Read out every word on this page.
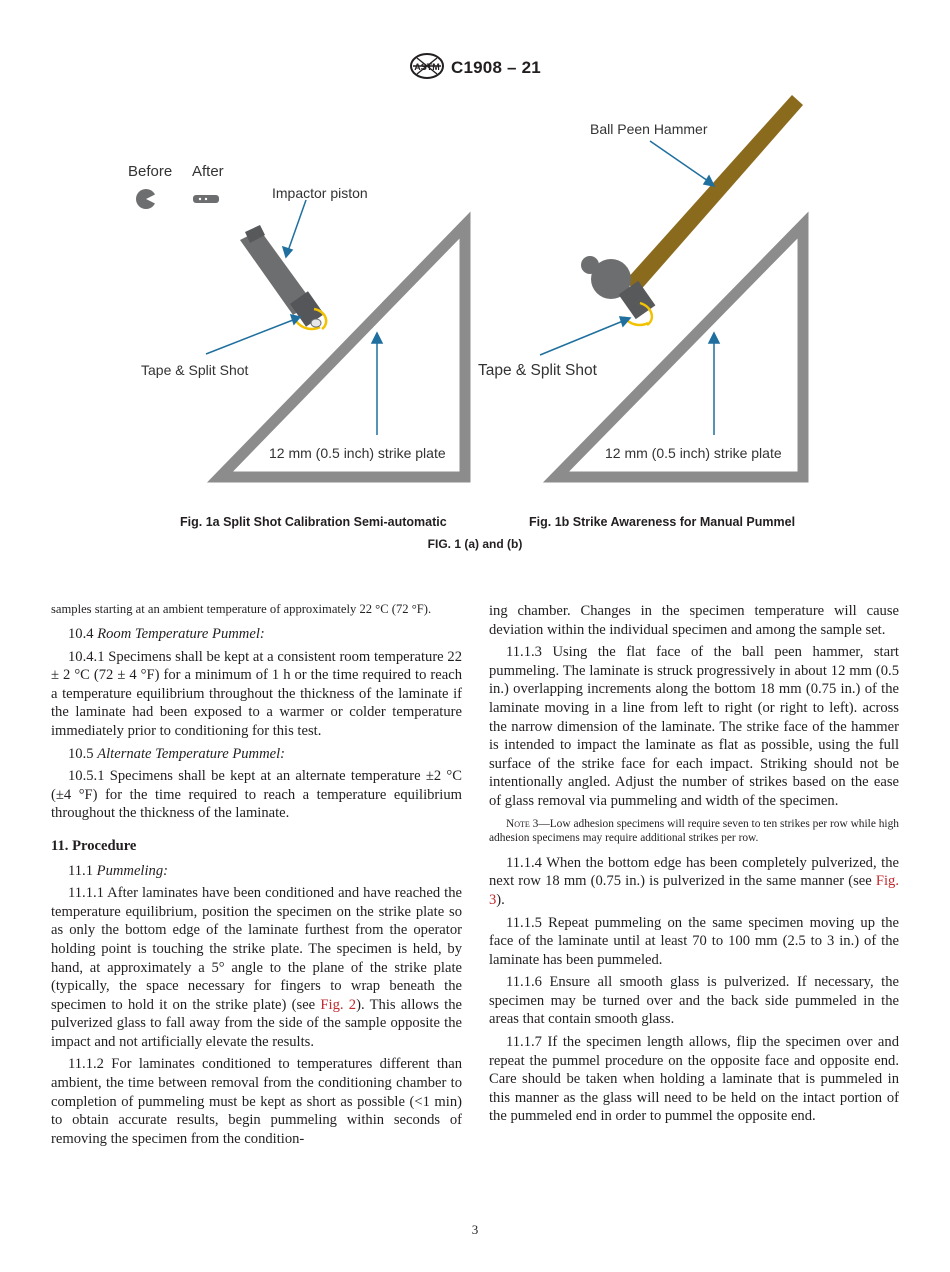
ASTM C1908 – 21
Before After
Impactor piston
Tape & Split Shot
12 mm (0.5 inch) strike plate
Ball Peen Hammer
Tape & Split Shot
12 mm (0.5 inch) strike plate
Fig. 1a Split Shot Calibration Semi-automatic	Fig. 1b Strike Awareness for Manual Pummel
FIG. 1 (a) and (b)

samples starting at an ambient temperature of approximately 22 °C (72 °F).

10.4 Room Temperature Pummel:

10.4.1 Specimens shall be kept at a consistent room temperature 22 ± 2 °C (72 ± 4 °F) for a minimum of 1 h or the time required to reach a temperature equilibrium throughout the thickness of the laminate if the laminate had been exposed to a warmer or colder temperature immediately prior to conditioning for this test.

10.5 Alternate Temperature Pummel:

10.5.1 Specimens shall be kept at an alternate temperature ±2 °C (±4 °F) for the time required to reach a temperature equilibrium throughout the thickness of the laminate.

11. Procedure

11.1 Pummeling:

11.1.1 After laminates have been conditioned and have reached the temperature equilibrium, position the specimen on the strike plate so as only the bottom edge of the laminate furthest from the operator holding point is touching the strike plate. The specimen is held, by hand, at approximately a 5° angle to the plane of the strike plate (typically, the space necessary for fingers to wrap beneath the specimen to hold it on the strike plate) (see Fig. 2). This allows the pulverized glass to fall away from the side of the sample opposite the impact and not artificially elevate the results.

11.1.2 For laminates conditioned to temperatures different than ambient, the time between removal from the conditioning chamber to completion of pummeling must be kept as short as possible (<1 min) to obtain accurate results, begin pummeling within seconds of removing the specimen from the condition-

ing chamber. Changes in the specimen temperature will cause deviation within the individual specimen and among the sample set.

11.1.3 Using the flat face of the ball peen hammer, start pummeling. The laminate is struck progressively in about 12 mm (0.5 in.) overlapping increments along the bottom 18 mm (0.75 in.) of the laminate moving in a line from left to right (or right to left). across the narrow dimension of the laminate. The strike face of the hammer is intended to impact the laminate as flat as possible, using the full surface of the strike face for each impact. Striking should not be intentionally angled. Adjust the number of strikes based on the ease of glass removal via pummeling and width of the specimen.

Note 3—Low adhesion specimens will require seven to ten strikes per row while high adhesion specimens may require additional strikes per row.

11.1.4 When the bottom edge has been completely pulverized, the next row 18 mm (0.75 in.) is pulverized in the same manner (see Fig. 3).

11.1.5 Repeat pummeling on the same specimen moving up the face of the laminate until at least 70 to 100 mm (2.5 to 3 in.) of the laminate has been pummeled.

11.1.6 Ensure all smooth glass is pulverized. If necessary, the specimen may be turned over and the back side pummeled in the areas that contain smooth glass.

11.1.7 If the specimen length allows, flip the specimen over and repeat the pummel procedure on the opposite face and opposite end. Care should be taken when holding a laminate that is pummeled in this manner as the glass will need to be held on the intact portion of the pummeled end in order to pummel the opposite end.

3
